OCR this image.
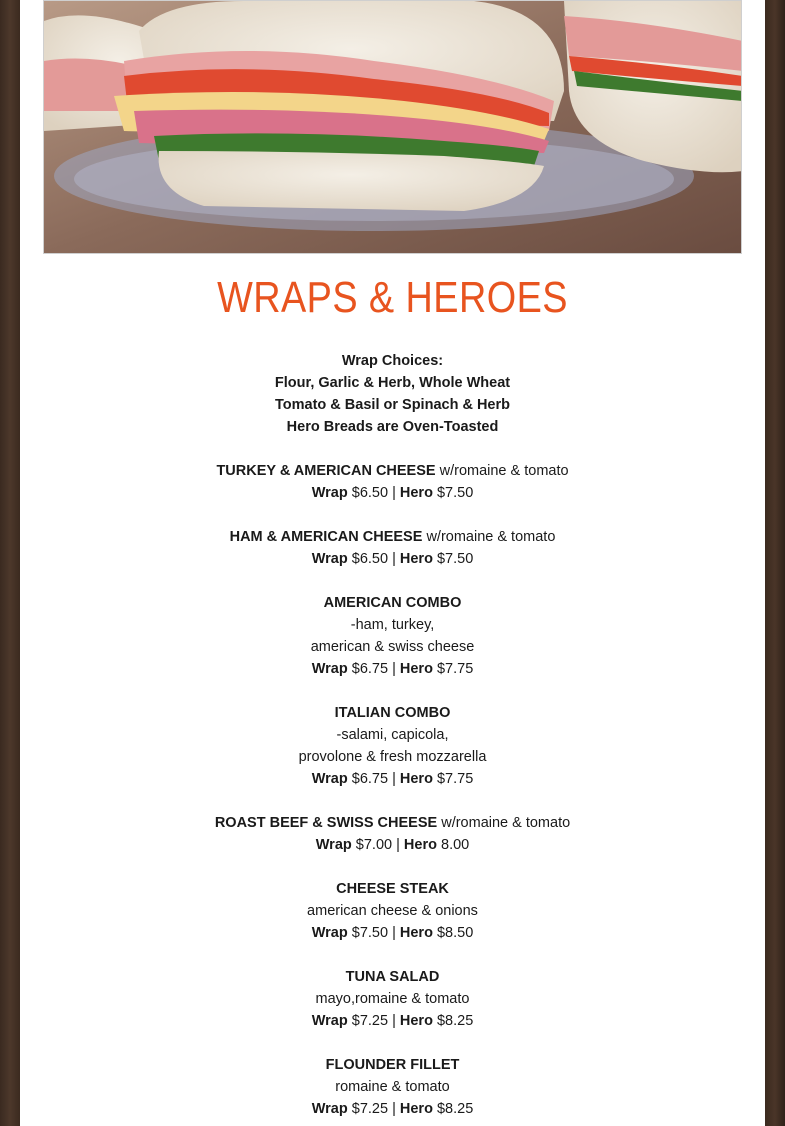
WRAPS & HEROES
Wrap Choices:
Flour, Garlic & Herb, Whole Wheat
Tomato & Basil or Spinach & Herb
Hero Breads are Oven-Toasted
TURKEY & AMERICAN CHEESE w/romaine & tomato
Wrap $6.50 | Hero $7.50
HAM & AMERICAN CHEESE w/romaine & tomato
Wrap $6.50 | Hero $7.50
AMERICAN COMBO
-ham, turkey,
american & swiss cheese
Wrap $6.75 | Hero $7.75
ITALIAN COMBO
-salami, capicola,
provolone & fresh mozzarella
Wrap $6.75 | Hero $7.75
ROAST BEEF & SWISS CHEESE w/romaine & tomato
Wrap $7.00 | Hero 8.00
CHEESE STEAK
american cheese & onions
Wrap $7.50 | Hero $8.50
TUNA SALAD
mayo,romaine & tomato
Wrap $7.25 | Hero $8.25
FLOUNDER FILLET
romaine & tomato
Wrap $7.25 | Hero $8.25
